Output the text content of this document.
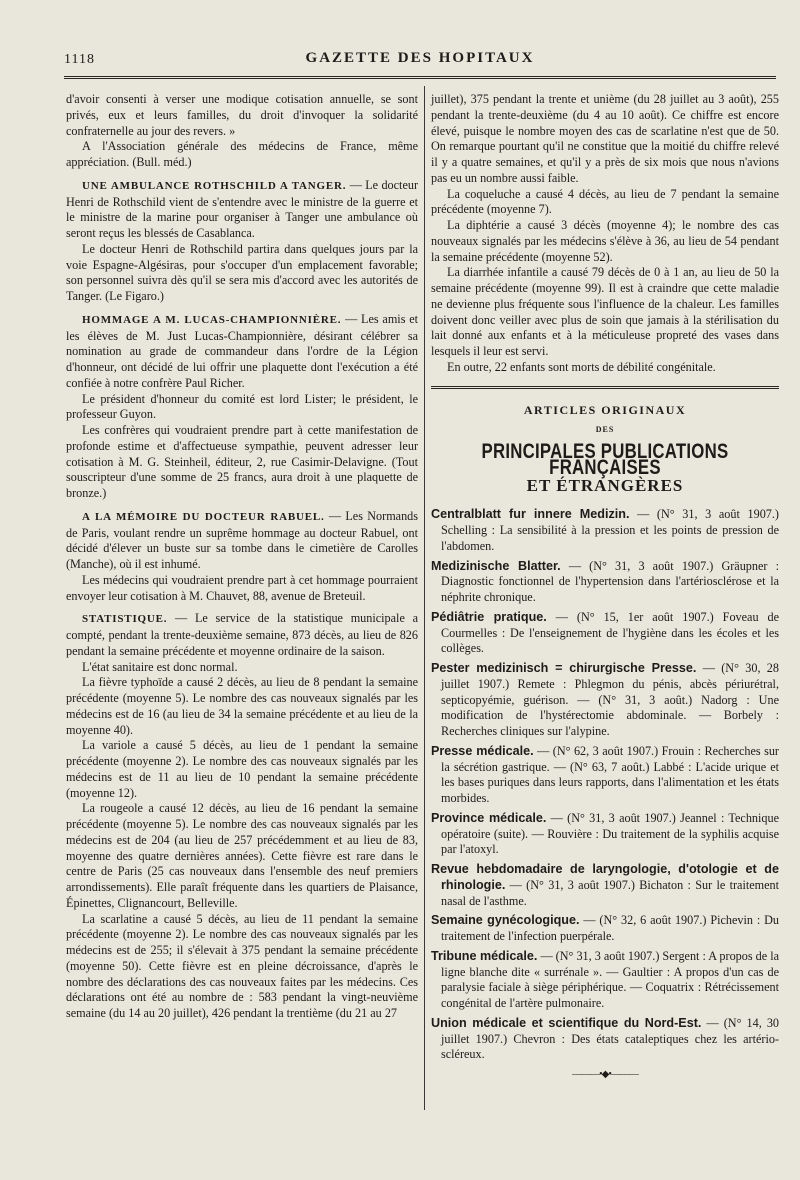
1118	GAZETTE DES HOPITAUX

d'avoir consenti à verser une modique cotisation annuelle, se sont privés, eux et leurs familles, du droit d'invoquer la solidarité confraternelle au jour des revers. »

A l'Association générale des médecins de France, même appréciation. (Bull. méd.)

UNE AMBULANCE ROTHSCHILD A TANGER. — Le docteur Henri de Rothschild vient de s'entendre avec le ministre de la guerre et le ministre de la marine pour organiser à Tanger une ambulance où seront reçus les blessés de Casablanca.

Le docteur Henri de Rothschild partira dans quelques jours par la voie Espagne-Algésiras, pour s'occuper d'un emplacement favorable; son personnel suivra dès qu'il se sera mis d'accord avec les autorités de Tanger. (Le Figaro.)

HOMMAGE A M. LUCAS-CHAMPIONNIÈRE. — Les amis et les élèves de M. Just Lucas-Championnière, désirant célébrer sa nomination au grade de commandeur dans l'ordre de la Légion d'honneur, ont décidé de lui offrir une plaquette dont l'exécution a été confiée à notre confrère Paul Richer.

Le président d'honneur du comité est lord Lister; le président, le professeur Guyon.

Les confrères qui voudraient prendre part à cette manifestation de profonde estime et d'affectueuse sympathie, peuvent adresser leur cotisation à M. G. Steinheil, éditeur, 2, rue Casimir-Delavigne. (Tout souscripteur d'une somme de 25 francs, aura droit à une plaquette de bronze.)

A LA MÉMOIRE DU DOCTEUR RABUEL. — Les Normands de Paris, voulant rendre un suprême hommage au docteur Rabuel, ont décidé d'élever un buste sur sa tombe dans le cimetière de Carolles (Manche), où il est inhumé.

Les médecins qui voudraient prendre part à cet hommage pourraient envoyer leur cotisation à M. Chauvet, 88, avenue de Breteuil.

STATISTIQUE. — Le service de la statistique municipale a compté, pendant la trente-deuxième semaine, 873 décès, au lieu de 826 pendant la semaine précédente et moyenne ordinaire de la saison.

L'état sanitaire est donc normal.

La fièvre typhoïde a causé 2 décès, au lieu de 8 pendant la semaine précédente (moyenne 5). Le nombre des cas nouveaux signalés par les médecins est de 16 (au lieu de 34 la semaine précédente et au lieu de la moyenne 40).

La variole a causé 5 décès, au lieu de 1 pendant la semaine précédente (moyenne 2). Le nombre des cas nouveaux signalés par les médecins est de 11 au lieu de 10 pendant la semaine précédente (moyenne 12).

La rougeole a causé 12 décès, au lieu de 16 pendant la semaine précédente (moyenne 5). Le nombre des cas nouveaux signalés par les médecins est de 204 (au lieu de 257 précédemment et au lieu de 83, moyenne des quatre dernières années). Cette fièvre est rare dans le centre de Paris (25 cas nouveaux dans l'ensemble des neuf premiers arrondissements). Elle paraît fréquente dans les quartiers de Plaisance, Épinettes, Clignancourt, Belleville.

La scarlatine a causé 5 décès, au lieu de 11 pendant la semaine précédente (moyenne 2). Le nombre des cas nouveaux signalés par les médecins est de 255; il s'élevait à 375 pendant la semaine précédente (moyenne 50). Cette fièvre est en pleine décroissance, d'après le nombre des déclarations des cas nouveaux faites par les médecins. Ces déclarations ont été au nombre de : 583 pendant la vingt-neuvième semaine (du 14 au 20 juillet), 426 pendant la trentième (du 21 au 27

juillet), 375 pendant la trente et unième (du 28 juillet au 3 août), 255 pendant la trente-deuxième (du 4 au 10 août). Ce chiffre est encore élevé, puisque le nombre moyen des cas de scarlatine n'est que de 50. On remarque pourtant qu'il ne constitue que la moitié du chiffre relevé il y a quatre semaines, et qu'il y a près de six mois que nous n'avions pas eu un nombre aussi faible.

La coqueluche a causé 4 décès, au lieu de 7 pendant la semaine précédente (moyenne 7).

La diphtérie a causé 3 décès (moyenne 4); le nombre des cas nouveaux signalés par les médecins s'élève à 36, au lieu de 54 pendant la semaine précédente (moyenne 52).

La diarrhée infantile a causé 79 décès de 0 à 1 an, au lieu de 50 la semaine précédente (moyenne 99). Il est à craindre que cette maladie ne devienne plus fréquente sous l'influence de la chaleur. Les familles doivent donc veiller avec plus de soin que jamais à la stérilisation du lait donné aux enfants et à la méticuleuse propreté des vases dans lesquels il leur est servi.

En outre, 22 enfants sont morts de débilité congénitale.

ARTICLES ORIGINAUX
DES
PRINCIPALES PUBLICATIONS FRANÇAISES
ET ÉTRANGÈRES

Centralblatt fur innere Medizin. — (N° 31, 3 août 1907.) Schelling : La sensibilité à la pression et les points de pression de l'abdomen.

Medizinische Blatter. — (N° 31, 3 août 1907.) Gräupner : Diagnostic fonctionnel de l'hypertension dans l'artériosclérose et la néphrite chronique.

Pédiâtrie pratique. — (N° 15, 1er août 1907.) Foveau de Courmelles : De l'enseignement de l'hygiène dans les écoles et les collèges.

Pester medizinisch = chirurgische Presse. — (N° 30, 28 juillet 1907.) Remete : Phlegmon du pénis, abcès périurétral, septicopyémie, guérison. — (N° 31, 3 août.) Nadorg : Une modification de l'hystérectomie abdominale. — Borbely : Recherches cliniques sur l'alypine.

Presse médicale. — (N° 62, 3 août 1907.) Frouin : Recherches sur la sécrétion gastrique. — (N° 63, 7 août.) Labbé : L'acide urique et les bases puriques dans leurs rapports, dans l'alimentation et les états morbides.

Province médicale. — (N° 31, 3 août 1907.) Jeannel : Technique opératoire (suite). — Rouvière : Du traitement de la syphilis acquise par l'atoxyl.

Revue hebdomadaire de laryngologie, d'otologie et de rhinologie. — (N° 31, 3 août 1907.) Bichaton : Sur le traitement nasal de l'asthme.

Semaine gynécologique. — (N° 32, 6 août 1907.) Pichevin : Du traitement de l'infection puerpérale.

Tribune médicale. — (N° 31, 3 août 1907.) Sergent : A propos de la ligne blanche dite « surrénale ». — Gaultier : A propos d'un cas de paralysie faciale à siège périphérique. — Coquatrix : Rétrécissement congénital de l'artère pulmonaire.

Union médicale et scientifique du Nord-Est. — (N° 14, 30 juillet 1907.) Chevron : Des états cataleptiques chez les artério-scléreux.

———•◆•———
